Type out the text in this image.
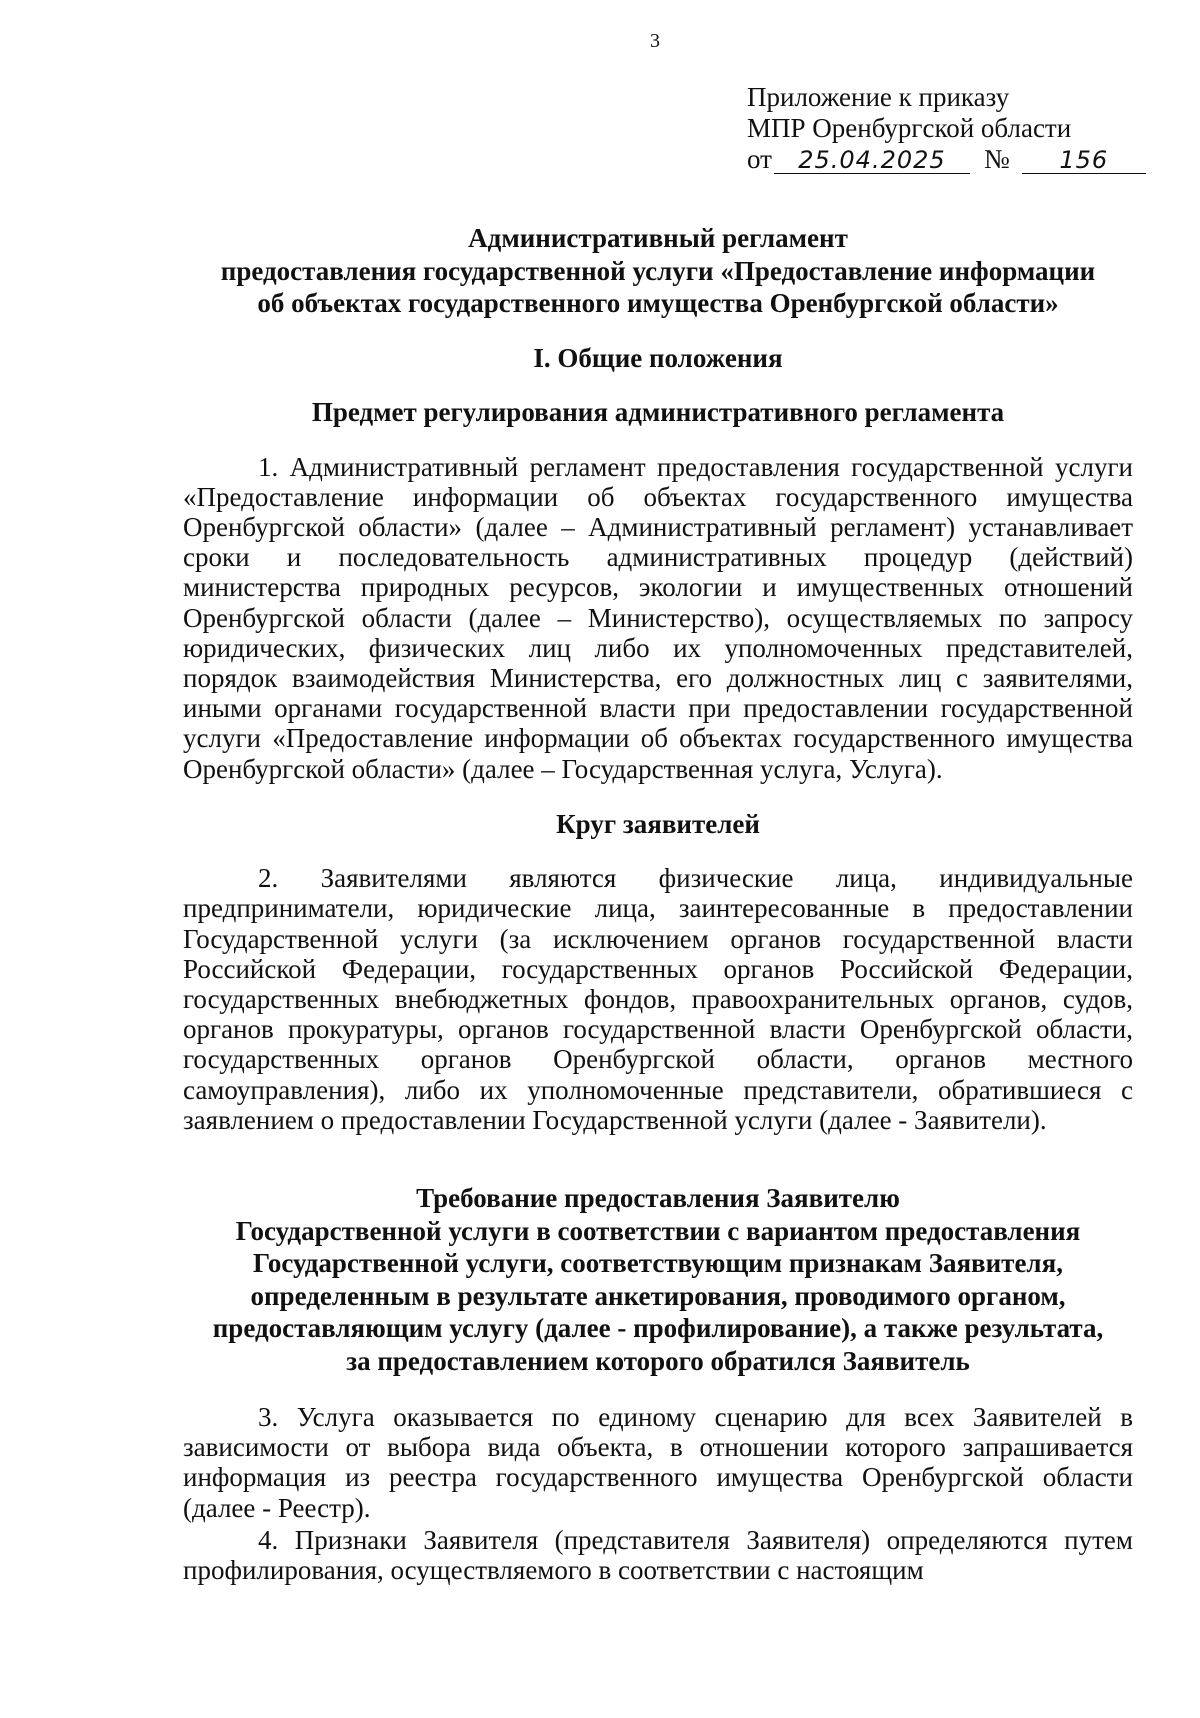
3
Приложение к приказу
МПР Оренбургской области
от 25.04.2025 № 156
Административный регламент
предоставления государственной услуги «Предоставление информации
об объектах государственного имущества Оренбургской области»
I. Общие положения
Предмет регулирования административного регламента

1. Административный регламент предоставления государственной услуги «Предоставление информации об объектах государственного имущества Оренбургской области» (далее – Административный регламент) устанавливает сроки и последовательность административных процедур (действий) министерства природных ресурсов, экологии и имущественных отношений Оренбургской области (далее – Министерство), осуществляемых по запросу юридических, физических лиц либо их уполномоченных представителей, порядок взаимодействия Министерства, его должностных лиц с заявителями, иными органами государственной власти при предоставлении государственной услуги «Предоставление информации об объектах государственного имущества Оренбургской области» (далее – Государственная услуга, Услуга).

Круг заявителей

2. Заявителями являются физические лица, индивидуальные предприниматели, юридические лица, заинтересованные в предоставлении Государственной услуги (за исключением органов государственной власти Российской Федерации, государственных органов Российской Федерации, государственных внебюджетных фондов, правоохранительных органов, судов, органов прокуратуры, органов государственной власти Оренбургской области, государственных органов Оренбургской области, органов местного самоуправления), либо их уполномоченные представители, обратившиеся с заявлением о предоставлении Государственной услуги (далее - Заявители).

Требование предоставления Заявителю
Государственной услуги в соответствии с вариантом предоставления
Государственной услуги, соответствующим признакам Заявителя,
определенным в результате анкетирования, проводимого органом,
предоставляющим услугу (далее - профилирование), а также результата,
за предоставлением которого обратился Заявитель

3. Услуга оказывается по единому сценарию для всех Заявителей в зависимости от выбора вида объекта, в отношении которого запрашивается информация из реестра государственного имущества Оренбургской области (далее - Реестр).

4. Признаки Заявителя (представителя Заявителя) определяются путем профилирования, осуществляемого в соответствии с настоящим
